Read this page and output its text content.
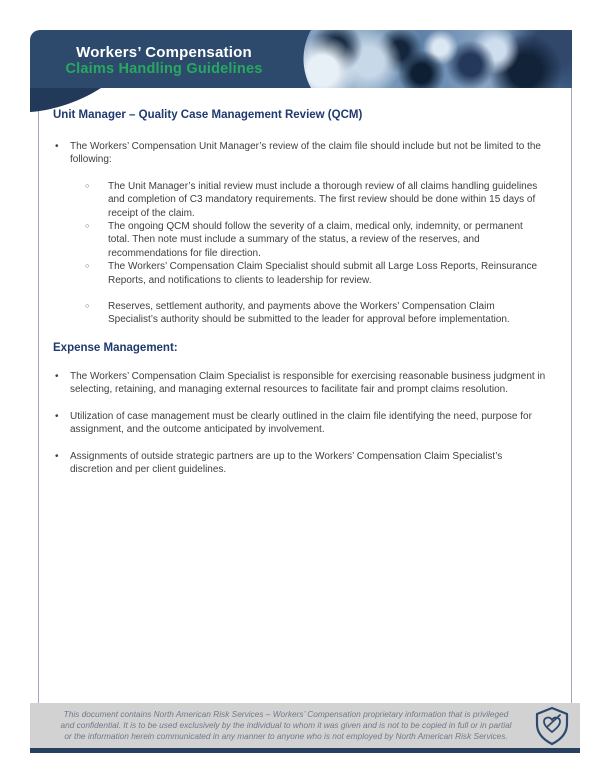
Workers’ Compensation
Claims Handling Guidelines
Unit Manager – Quality Case Management Review (QCM)
• The Workers’ Compensation Unit Manager’s review of the claim file should include but not be limited to the following:
○ The Unit Manager’s initial review must include a thorough review of all claims handling guidelines and completion of C3 mandatory requirements. The first review should be done within 15 days of receipt of the claim.
○ The ongoing QCM should follow the severity of a claim, medical only, indemnity, or permanent total. Then note must include a summary of the status, a review of the reserves, and recommendations for file direction.
○ The Workers’ Compensation Claim Specialist should submit all Large Loss Reports, Reinsurance Reports, and notifications to clients to leadership for review.
○ Reserves, settlement authority, and payments above the Workers’ Compensation Claim Specialist’s authority should be submitted to the leader for approval before implementation.
Expense Management:
• The Workers’ Compensation Claim Specialist is responsible for exercising reasonable business judgment in selecting, retaining, and managing external resources to facilitate fair and prompt claims resolution.
• Utilization of case management must be clearly outlined in the claim file identifying the need, purpose for assignment, and the outcome anticipated by involvement.
• Assignments of outside strategic partners are up to the Workers’ Compensation Claim Specialist’s discretion and per client guidelines.
This document contains North American Risk Services – Workers’ Compensation proprietary information that is privileged and confidential. It is to be used exclusively by the individual to whom it was given and is not to be copied in full or in partial or the information herein communicated in any manner to anyone who is not employed by North American Risk Services.
